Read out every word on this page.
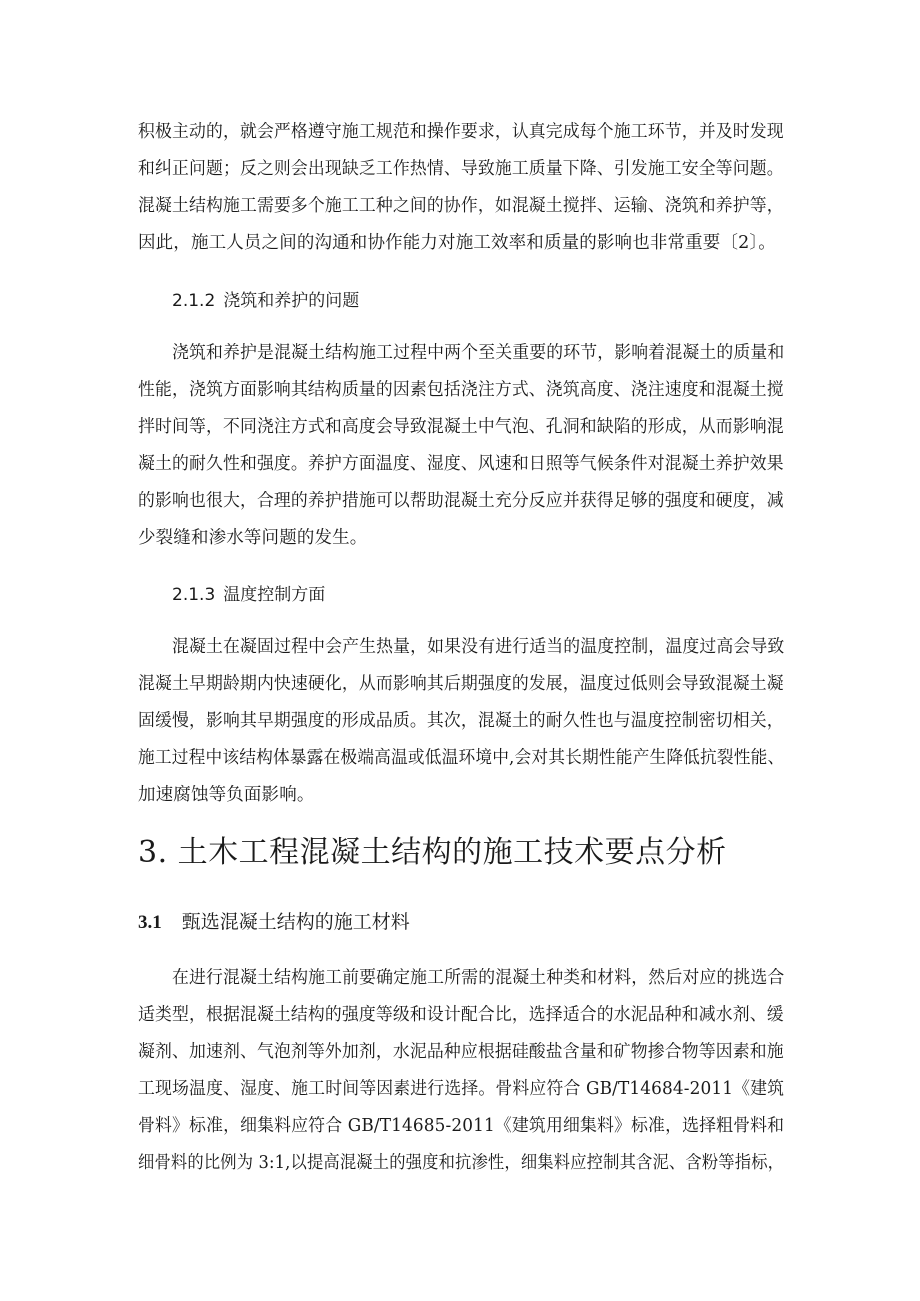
积极主动的，就会严格遵守施工规范和操作要求，认真完成每个施工环节，并及时发现
和纠正问题；反之则会出现缺乏工作热情、导致施工质量下降、引发施工安全等问题。
混凝土结构施工需要多个施工工种之间的协作，如混凝土搅拌、运输、浇筑和养护等，
因此，施工人员之间的沟通和协作能力对施工效率和质量的影响也非常重要〔2〕。
2.1.2 浇筑和养护的问题
浇筑和养护是混凝土结构施工过程中两个至关重要的环节，影响着混凝土的质量和
性能，浇筑方面影响其结构质量的因素包括浇注方式、浇筑高度、浇注速度和混凝土搅
拌时间等，不同浇注方式和高度会导致混凝土中气泡、孔洞和缺陷的形成，从而影响混
凝土的耐久性和强度。养护方面温度、湿度、风速和日照等气候条件对混凝土养护效果
的影响也很大，合理的养护措施可以帮助混凝土充分反应并获得足够的强度和硬度，减
少裂缝和渗水等问题的发生。
2.1.3 温度控制方面
混凝土在凝固过程中会产生热量，如果没有进行适当的温度控制，温度过高会导致
混凝土早期龄期内快速硬化，从而影响其后期强度的发展，温度过低则会导致混凝土凝
固缓慢，影响其早期强度的形成品质。其次，混凝土的耐久性也与温度控制密切相关，
施工过程中该结构体暴露在极端高温或低温环境中,会对其长期性能产生降低抗裂性能、
加速腐蚀等负面影响。
3. 土木工程混凝土结构的施工技术要点分析
3.1 甄选混凝土结构的施工材料
在进行混凝土结构施工前要确定施工所需的混凝土种类和材料，然后对应的挑选合
适类型，根据混凝土结构的强度等级和设计配合比，选择适合的水泥品种和减水剂、缓
凝剂、加速剂、气泡剂等外加剂，水泥品种应根据硅酸盐含量和矿物掺合物等因素和施
工现场温度、湿度、施工时间等因素进行选择。骨料应符合 GB/T14684-2011《建筑
骨料》标准，细集料应符合 GB/T14685-2011《建筑用细集料》标准，选择粗骨料和
细骨料的比例为 3:1,以提高混凝土的强度和抗渗性，细集料应控制其含泥、含粉等指标，
